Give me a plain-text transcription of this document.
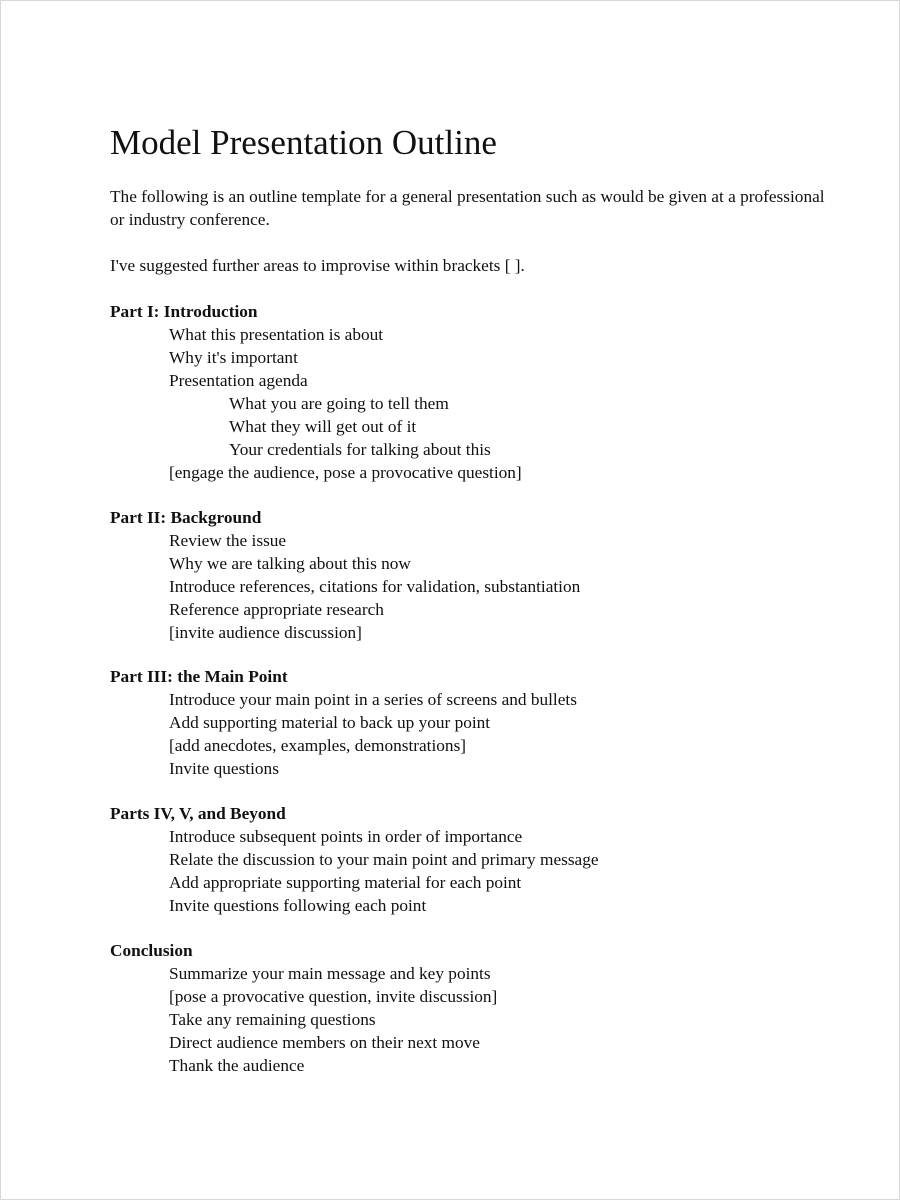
Model Presentation Outline

The following is an outline template for a general presentation such as would be given at a professional or industry conference.

I've suggested further areas to improvise within brackets [ ].

Part I: Introduction
What this presentation is about
Why it's important
Presentation agenda
What you are going to tell them
What they will get out of it
Your credentials for talking about this
[engage the audience, pose a provocative question]
Part II: Background
Review the issue
Why we are talking about this now
Introduce references, citations for validation, substantiation
Reference appropriate research
[invite audience discussion]
Part III: the Main Point
Introduce your main point in a series of screens and bullets
Add supporting material to back up your point
[add anecdotes, examples, demonstrations]
Invite questions
Parts IV, V, and Beyond
Introduce subsequent points in order of importance
Relate the discussion to your main point and primary message
Add appropriate supporting material for each point
Invite questions following each point
Conclusion
Summarize your main message and key points
[pose a provocative question, invite discussion]
Take any remaining questions
Direct audience members on their next move
Thank the audience
